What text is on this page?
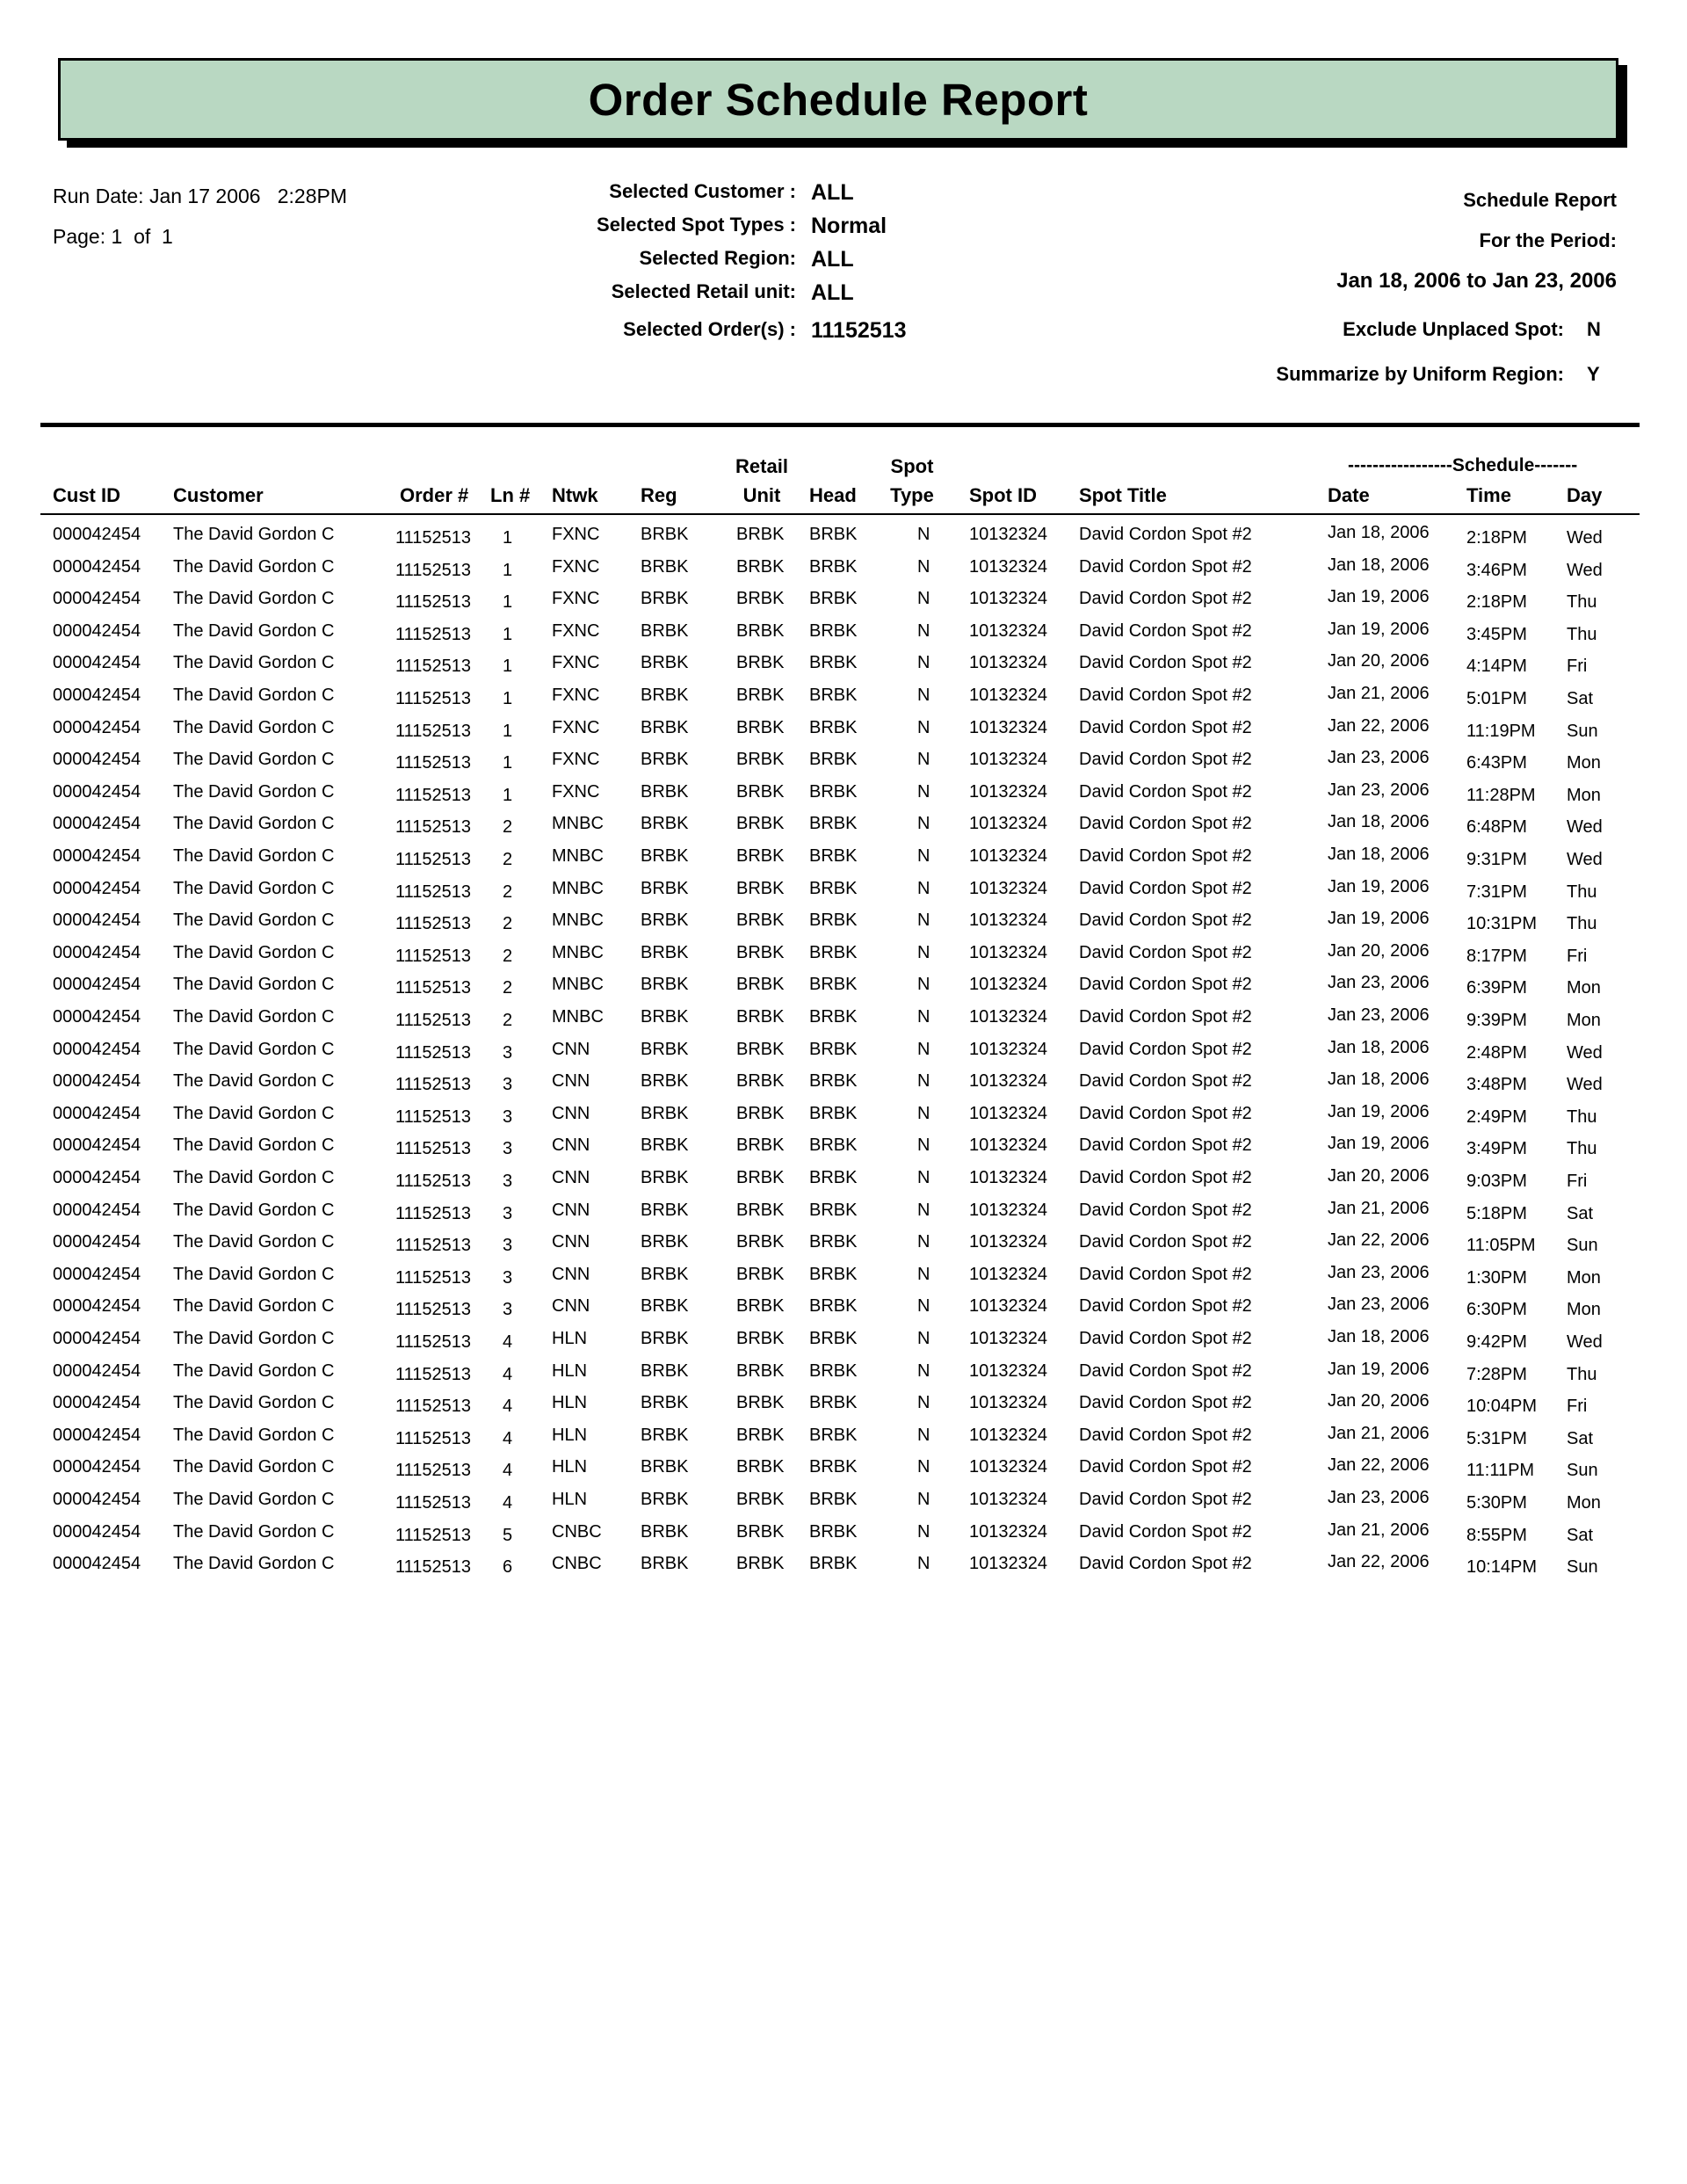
Order Schedule Report
Run Date: Jan 17 2006 2:28PM
Page: 1 of 1
Selected Customer : ALL
Selected Spot Types : Normal
Selected Region: ALL
Selected Retail unit: ALL
Selected Order(s) : 11152513
Schedule Report
For the Period:
Jan 18, 2006 to Jan 23, 2006
Exclude Unplaced Spot: N
Summarize by Uniform Region: Y
Cust ID	Customer	Order # Ln # Ntwk Reg
Retail
Unit	Head
Spot
Type	Spot ID Spot Title
-----------------Schedule-------
Date	Time	Day
000042454 The David Gordon C	11152513 1 FXNC BRBK	BRBK BRBK	N 10132324 David Cordon Spot #2	Jan 18, 2006 2:18PM Wed
000042454 The David Gordon C	11152513 1 FXNC BRBK	BRBK BRBK	N 10132324 David Cordon Spot #2	Jan 18, 2006 3:46PM Wed
000042454 The David Gordon C	11152513 1 FXNC BRBK	BRBK BRBK	N 10132324 David Cordon Spot #2	Jan 19, 2006 2:18PM Thu
000042454 The David Gordon C	11152513 1 FXNC BRBK	BRBK BRBK	N 10132324 David Cordon Spot #2	Jan 19, 2006 3:45PM Thu
000042454 The David Gordon C	11152513 1 FXNC BRBK	BRBK BRBK	N 10132324 David Cordon Spot #2	Jan 20, 2006 4:14PM Fri
000042454 The David Gordon C	11152513 1 FXNC BRBK	BRBK BRBK	N 10132324 David Cordon Spot #2	Jan 21, 2006 5:01PM Sat
000042454 The David Gordon C	11152513 1 FXNC BRBK	BRBK BRBK	N 10132324 David Cordon Spot #2	Jan 22, 2006 11:19PM Sun
000042454 The David Gordon C	11152513 1 FXNC BRBK	BRBK BRBK	N 10132324 David Cordon Spot #2	Jan 23, 2006 6:43PM Mon
000042454 The David Gordon C	11152513 1 FXNC BRBK	BRBK BRBK	N 10132324 David Cordon Spot #2	Jan 23, 2006 11:28PM Mon
000042454 The David Gordon C	11152513 2 MNBC BRBK	BRBK BRBK	N 10132324 David Cordon Spot #2	Jan 18, 2006 6:48PM Wed
000042454 The David Gordon C	11152513 2 MNBC BRBK	BRBK BRBK	N 10132324 David Cordon Spot #2	Jan 18, 2006 9:31PM Wed
000042454 The David Gordon C	11152513 2 MNBC BRBK	BRBK BRBK	N 10132324 David Cordon Spot #2	Jan 19, 2006 7:31PM Thu
000042454 The David Gordon C	11152513 2 MNBC BRBK	BRBK BRBK	N 10132324 David Cordon Spot #2	Jan 19, 2006 10:31PM Thu
000042454 The David Gordon C	11152513 2 MNBC BRBK	BRBK BRBK	N 10132324 David Cordon Spot #2	Jan 20, 2006 8:17PM Fri
000042454 The David Gordon C	11152513 2 MNBC BRBK	BRBK BRBK	N 10132324 David Cordon Spot #2	Jan 23, 2006 6:39PM Mon
000042454 The David Gordon C	11152513 2 MNBC BRBK	BRBK BRBK	N 10132324 David Cordon Spot #2	Jan 23, 2006 9:39PM Mon
000042454 The David Gordon C	11152513 3 CNN	BRBK	BRBK BRBK	N 10132324 David Cordon Spot #2	Jan 18, 2006 2:48PM Wed
000042454 The David Gordon C	11152513 3 CNN	BRBK	BRBK BRBK	N 10132324 David Cordon Spot #2	Jan 18, 2006 3:48PM Wed
000042454 The David Gordon C	11152513 3 CNN	BRBK	BRBK BRBK	N 10132324 David Cordon Spot #2	Jan 19, 2006 2:49PM Thu
000042454 The David Gordon C	11152513 3 CNN	BRBK	BRBK BRBK	N 10132324 David Cordon Spot #2	Jan 19, 2006 3:49PM Thu
000042454 The David Gordon C	11152513 3 CNN	BRBK	BRBK BRBK	N 10132324 David Cordon Spot #2	Jan 20, 2006 9:03PM Fri
000042454 The David Gordon C	11152513 3 CNN	BRBK	BRBK BRBK	N 10132324 David Cordon Spot #2	Jan 21, 2006 5:18PM Sat
000042454 The David Gordon C	11152513 3 CNN	BRBK	BRBK BRBK	N 10132324 David Cordon Spot #2	Jan 22, 2006 11:05PM Sun
000042454 The David Gordon C	11152513 3 CNN	BRBK	BRBK BRBK	N 10132324 David Cordon Spot #2	Jan 23, 2006 1:30PM Mon
000042454 The David Gordon C	11152513 3 CNN	BRBK	BRBK BRBK	N 10132324 David Cordon Spot #2	Jan 23, 2006 6:30PM Mon
000042454 The David Gordon C	11152513 4 HLN	BRBK	BRBK BRBK	N 10132324 David Cordon Spot #2	Jan 18, 2006 9:42PM Wed
000042454 The David Gordon C	11152513 4 HLN	BRBK	BRBK BRBK	N 10132324 David Cordon Spot #2	Jan 19, 2006 7:28PM Thu
000042454 The David Gordon C	11152513 4 HLN	BRBK	BRBK BRBK	N 10132324 David Cordon Spot #2	Jan 20, 2006 10:04PM Fri
000042454 The David Gordon C	11152513 4 HLN	BRBK	BRBK BRBK	N 10132324 David Cordon Spot #2	Jan 21, 2006 5:31PM Sat
000042454 The David Gordon C	11152513 4 HLN	BRBK	BRBK BRBK	N 10132324 David Cordon Spot #2	Jan 22, 2006 11:11PM Sun
000042454 The David Gordon C	11152513 4 HLN	BRBK	BRBK BRBK	N 10132324 David Cordon Spot #2	Jan 23, 2006 5:30PM Mon
000042454 The David Gordon C	11152513 5 CNBC BRBK	BRBK BRBK	N 10132324 David Cordon Spot #2	Jan 21, 2006 8:55PM Sat
000042454 The David Gordon C	11152513 6 CNBC BRBK	BRBK BRBK	N 10132324 David Cordon Spot #2	Jan 22, 2006 10:14PM Sun
